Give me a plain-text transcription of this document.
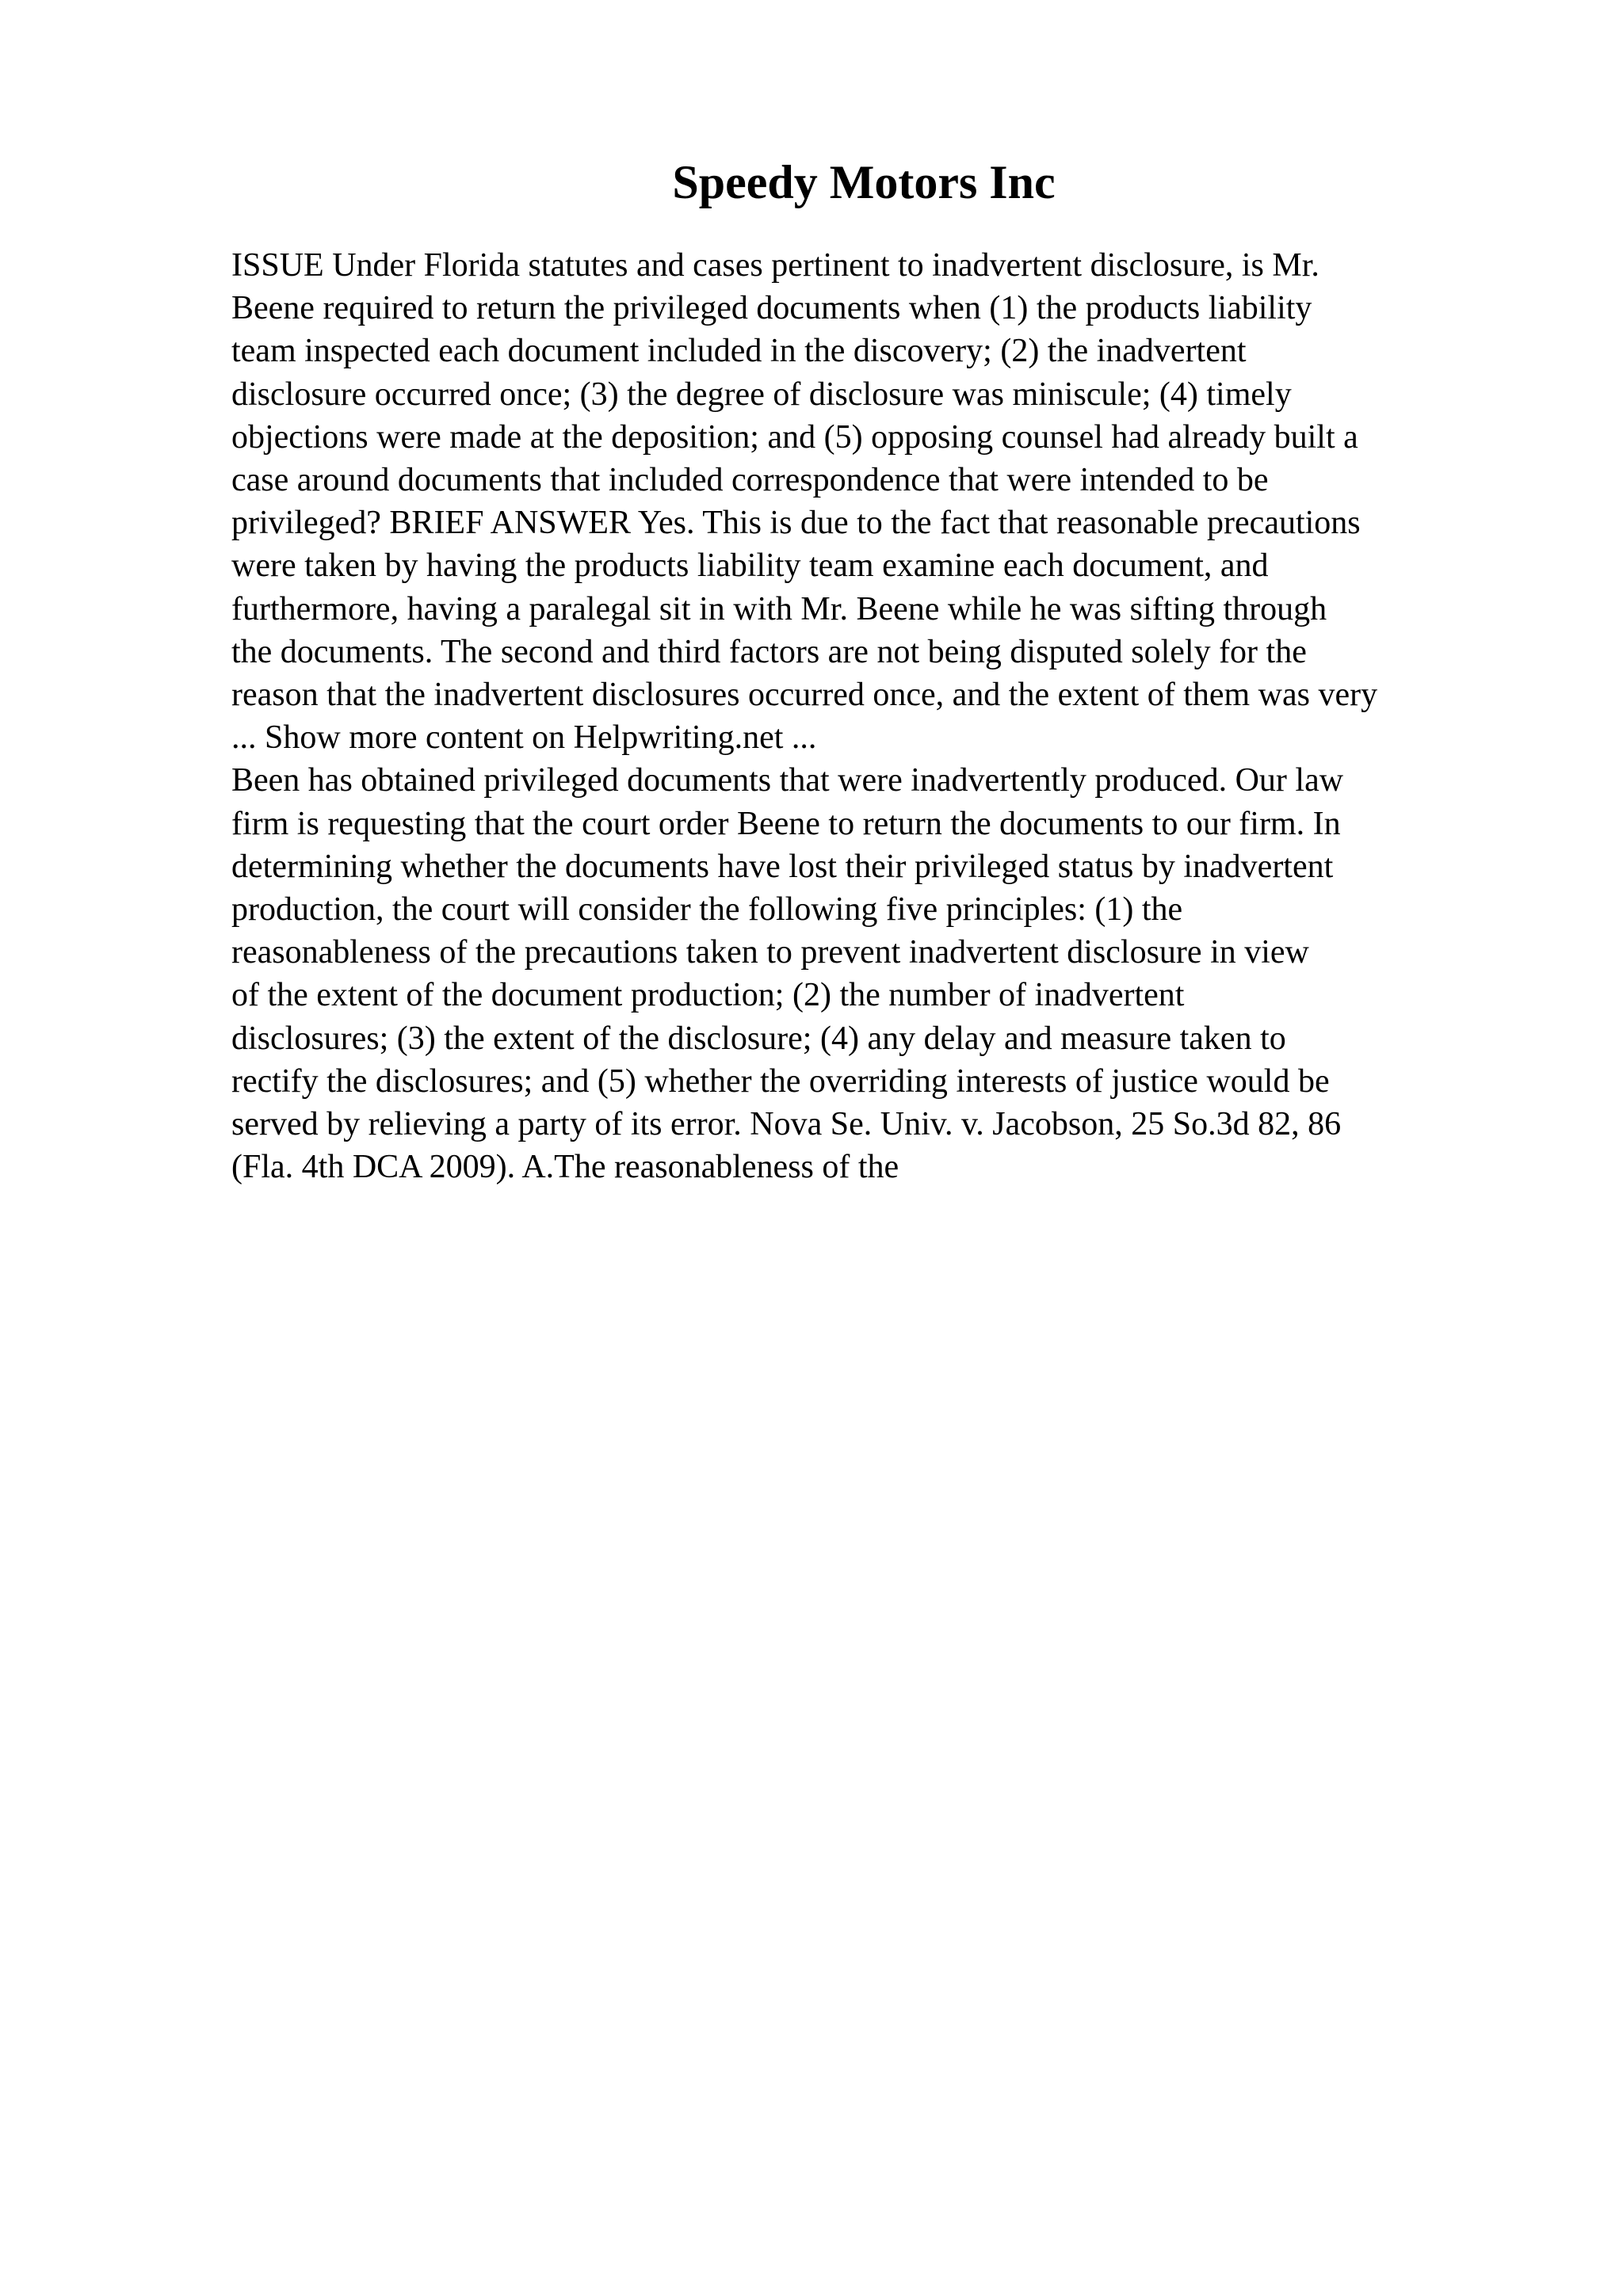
Speedy Motors Inc
ISSUE Under Florida statutes and cases pertinent to inadvertent disclosure, is Mr.
Beene required to return the privileged documents when (1) the products liability
team inspected each document included in the discovery; (2) the inadvertent
disclosure occurred once; (3) the degree of disclosure was miniscule; (4) timely
objections were made at the deposition; and (5) opposing counsel had already built a
case around documents that included correspondence that were intended to be
privileged? BRIEF ANSWER Yes. This is due to the fact that reasonable precautions
were taken by having the products liability team examine each document, and
furthermore, having a paralegal sit in with Mr. Beene while he was sifting through
the documents. The second and third factors are not being disputed solely for the
reason that the inadvertent disclosures occurred once, and the extent of them was very
... Show more content on Helpwriting.net ...
Been has obtained privileged documents that were inadvertently produced. Our law
firm is requesting that the court order Beene to return the documents to our firm. In
determining whether the documents have lost their privileged status by inadvertent
production, the court will consider the following five principles: (1) the
reasonableness of the precautions taken to prevent inadvertent disclosure in view
of the extent of the document production; (2) the number of inadvertent
disclosures; (3) the extent of the disclosure; (4) any delay and measure taken to
rectify the disclosures; and (5) whether the overriding interests of justice would be
served by relieving a party of its error. Nova Se. Univ. v. Jacobson, 25 So.3d 82, 86
(Fla. 4th DCA 2009). A.The reasonableness of the
